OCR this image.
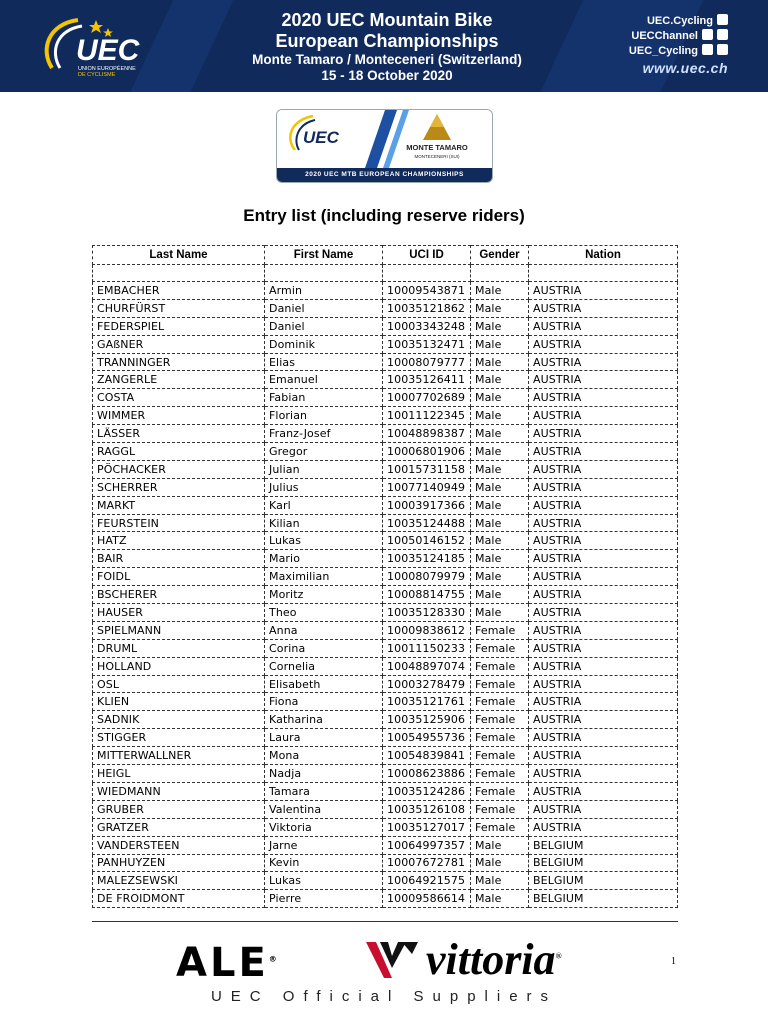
UEC
UNION EUROPÉENNE
DE CYCLISME
2020 UEC Mountain Bike
European Championships
Monte Tamaro / Monteceneri (Switzerland)
15 - 18 October 2020
UEC.Cycling
UECChannel
UEC_Cycling
www.uec.ch
UEC
MONTE TAMARO
MONTECENERI (SUI)
2020 UEC MTB EUROPEAN CHAMPIONSHIPS
Entry list (including reserve riders)
Last Name	First Name	UCI ID	Gender	Nation

EMBACHER	Armin	10009543871	Male	AUSTRIA
CHURFÜRST	Daniel	10035121862	Male	AUSTRIA
FEDERSPIEL	Daniel	10003343248	Male	AUSTRIA
GAßNER	Dominik	10035132471	Male	AUSTRIA
TRANNINGER	Elias	10008079777	Male	AUSTRIA
ZANGERLE	Emanuel	10035126411	Male	AUSTRIA
COSTA	Fabian	10007702689	Male	AUSTRIA
WIMMER	Florian	10011122345	Male	AUSTRIA
LÄSSER	Franz-Josef	10048898387	Male	AUSTRIA
RAGGL	Gregor	10006801906	Male	AUSTRIA
PÖCHACKER	Julian	10015731158	Male	AUSTRIA
SCHERRER	Julius	10077140949	Male	AUSTRIA
MARKT	Karl	10003917366	Male	AUSTRIA
FEURSTEIN	Kilian	10035124488	Male	AUSTRIA
HATZ	Lukas	10050146152	Male	AUSTRIA
BAIR	Mario	10035124185	Male	AUSTRIA
FOIDL	Maximilian	10008079979	Male	AUSTRIA
BSCHERER	Moritz	10008814755	Male	AUSTRIA
HAUSER	Theo	10035128330	Male	AUSTRIA
SPIELMANN	Anna	10009838612	Female	AUSTRIA
DRUML	Corina	10011150233	Female	AUSTRIA
HOLLAND	Cornelia	10048897074	Female	AUSTRIA
OSL	Elisabeth	10003278479	Female	AUSTRIA
KLIEN	Fiona	10035121761	Female	AUSTRIA
SADNIK	Katharina	10035125906	Female	AUSTRIA
STIGGER	Laura	10054955736	Female	AUSTRIA
MITTERWALLNER	Mona	10054839841	Female	AUSTRIA
HEIGL	Nadja	10008623886	Female	AUSTRIA
WIEDMANN	Tamara	10035124286	Female	AUSTRIA
GRUBER	Valentina	10035126108	Female	AUSTRIA
GRATZER	Viktoria	10035127017	Female	AUSTRIA
VANDERSTEEN	Jarne	10064997357	Male	BELGIUM
PANHUYZEN	Kevin	10007672781	Male	BELGIUM
MALEZSEWSKI	Lukas	10064921575	Male	BELGIUM
DE FROIDMONT	Pierre	10009586614	Male	BELGIUM
ALE®	vittoria®
1
UEC Official Suppliers
